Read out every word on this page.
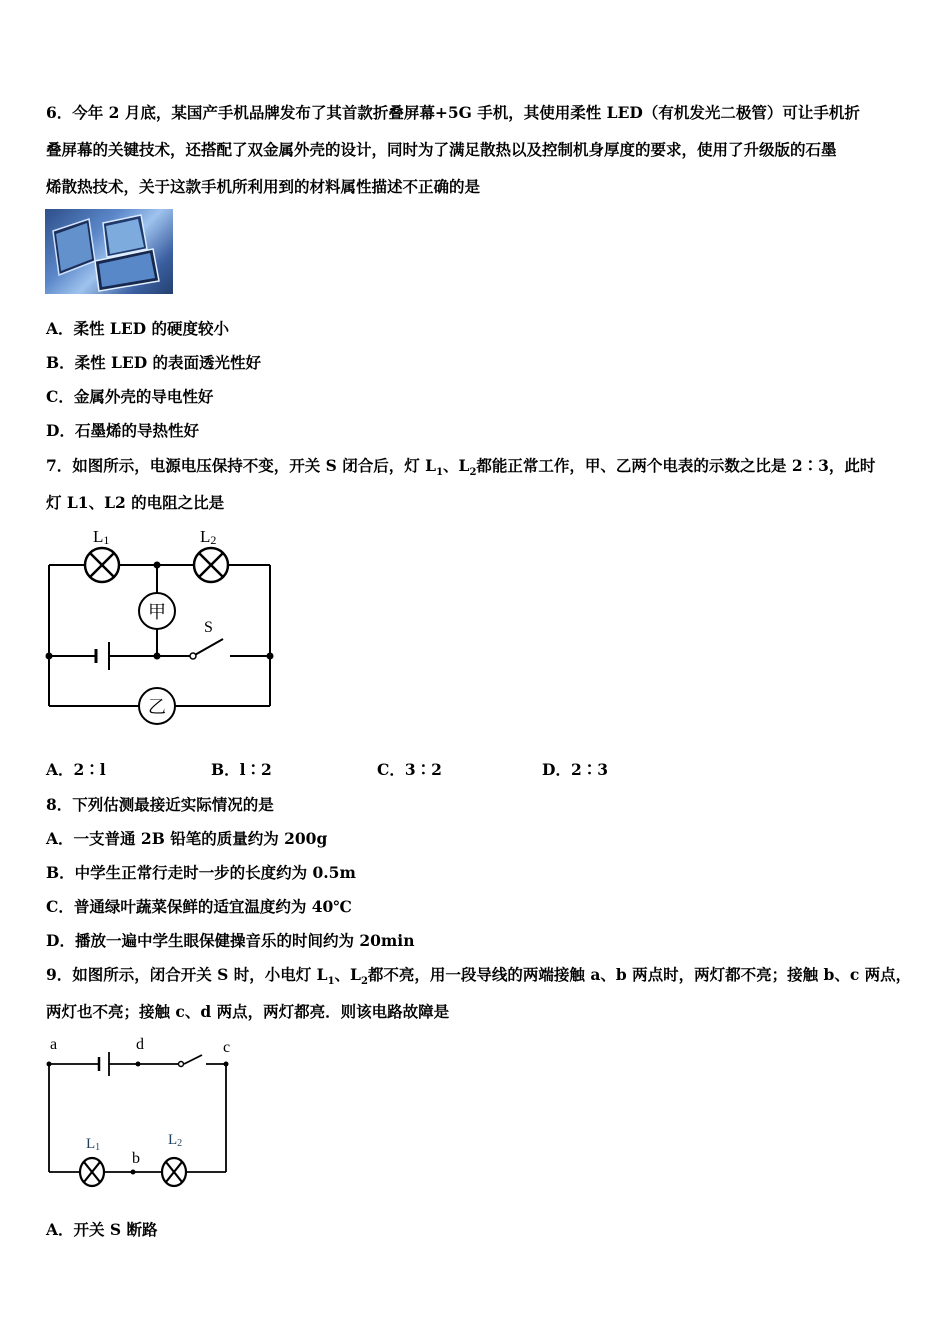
6．今年 2 月底，某国产手机品牌发布了其首款折叠屏幕+5G 手机，其使用柔性 LED（有机发光二极管）可让手机折
叠屏幕的关键技术，还搭配了双金属外壳的设计，同时为了满足散热以及控制机身厚度的要求，使用了升级版的石墨
烯散热技术，关于这款手机所利用到的材料属性描述不正确的是
A．柔性 LED 的硬度较小
B．柔性 LED 的表面透光性好
C．金属外壳的导电性好
D．石墨烯的导热性好
7．如图所示，电源电压保持不变，开关 S 闭合后，灯 $L_1$、$L_2$都能正常工作，甲、乙两个电表的示数之比是 2∶3，此时
灯 L1、L2 的电阻之比是
甲
乙
L1	L2
S
A．2∶l	B．l∶2	C．3∶2	D．2∶3
8．下列估测最接近实际情况的是
A．一支普通 2B 铅笔的质量约为 200g
B．中学生正常行走时一步的长度约为 0.5m
C．普通绿叶蔬菜保鲜的适宜温度约为 40℃
D．播放一遍中学生眼保健操音乐的时间约为 20min
9．如图所示，闭合开关 S 时，小电灯 $L_1$、$L_2$都不亮，用一段导线的两端接触 a、b 两点时，两灯都不亮；接触 b、c 两点，
两灯也不亮；接触 c、d 两点，两灯都亮．则该电路故障是
a	d	c
b
L1	L2
A．开关 S 断路
